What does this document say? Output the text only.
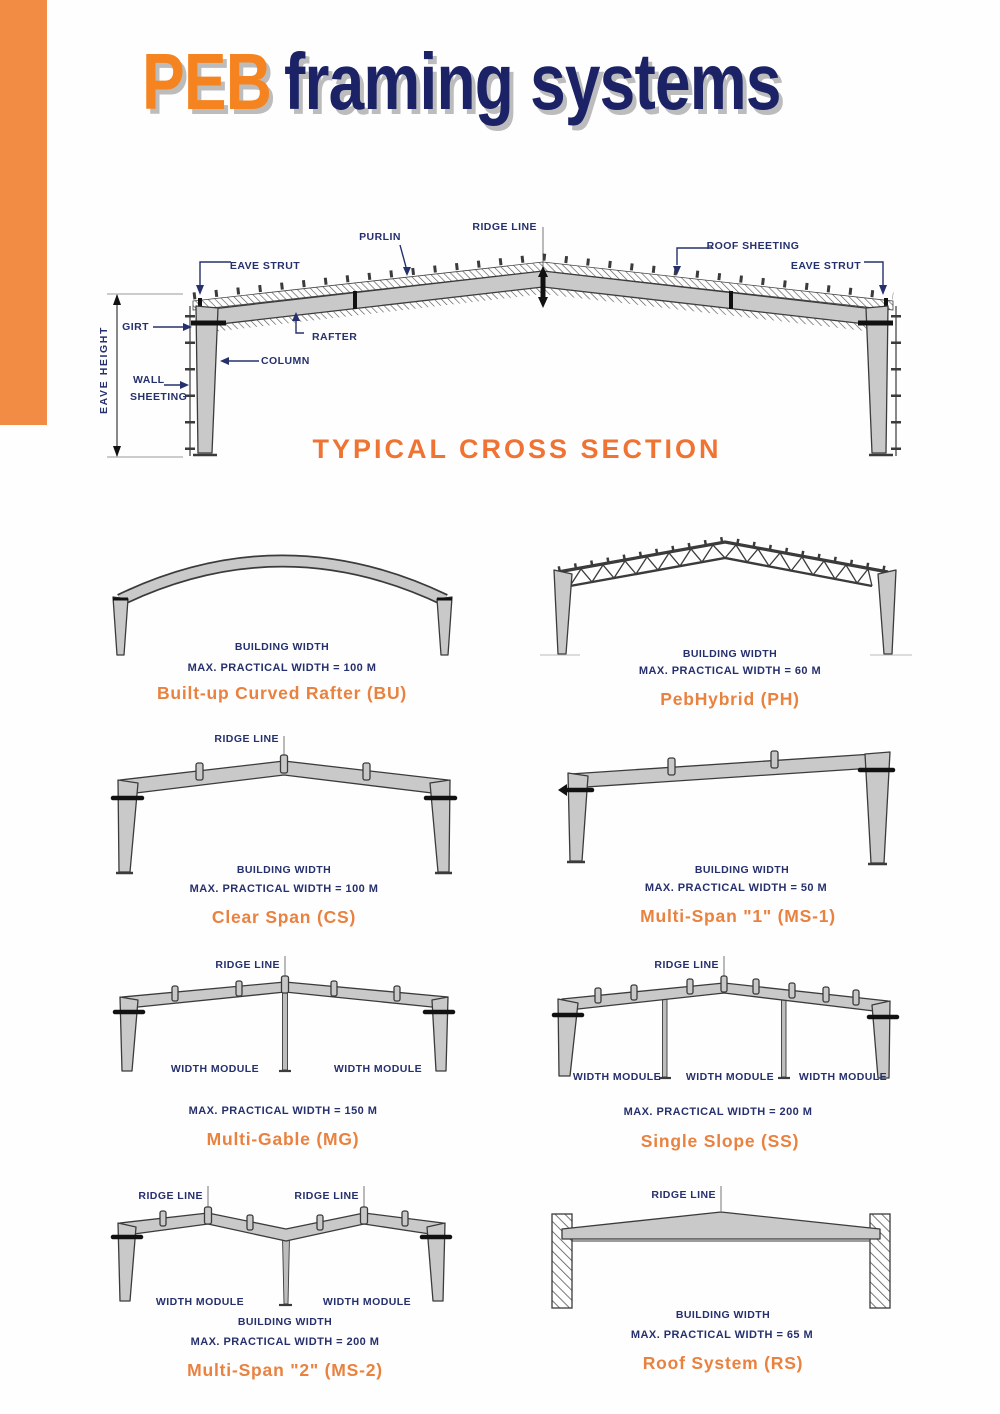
PEB framing systems
PURLIN
RIDGE LINE
ROOF SHEETING
EAVE STRUT	EAVE STRUT
GIRT
RAFTER
COLUMN
WALL
SHEETING
EAVE HEIGHT
TYPICAL CROSS SECTION
BUILDING WIDTH
MAX. PRACTICAL WIDTH = 100 M
Built-up Curved Rafter (BU)
BUILDING WIDTH
MAX. PRACTICAL WIDTH = 60 M
PebHybrid (PH)
RIDGE LINE
BUILDING WIDTH
MAX. PRACTICAL WIDTH = 100 M
Clear Span (CS)
BUILDING WIDTH
MAX. PRACTICAL WIDTH = 50 M
Multi-Span "1" (MS-1)
RIDGE LINE
WIDTH MODULE	WIDTH MODULE
MAX. PRACTICAL WIDTH = 150 M
Multi-Gable (MG)
RIDGE LINE
WIDTH MODULE WIDTH MODULE WIDTH MODULE
MAX. PRACTICAL WIDTH = 200 M
Single Slope (SS)
RIDGE LINE	RIDGE LINE
WIDTH MODULE	WIDTH MODULE
BUILDING WIDTH
MAX. PRACTICAL WIDTH = 200 M
Multi-Span "2" (MS-2)
RIDGE LINE
BUILDING WIDTH
MAX. PRACTICAL WIDTH = 65 M
Roof System (RS)
